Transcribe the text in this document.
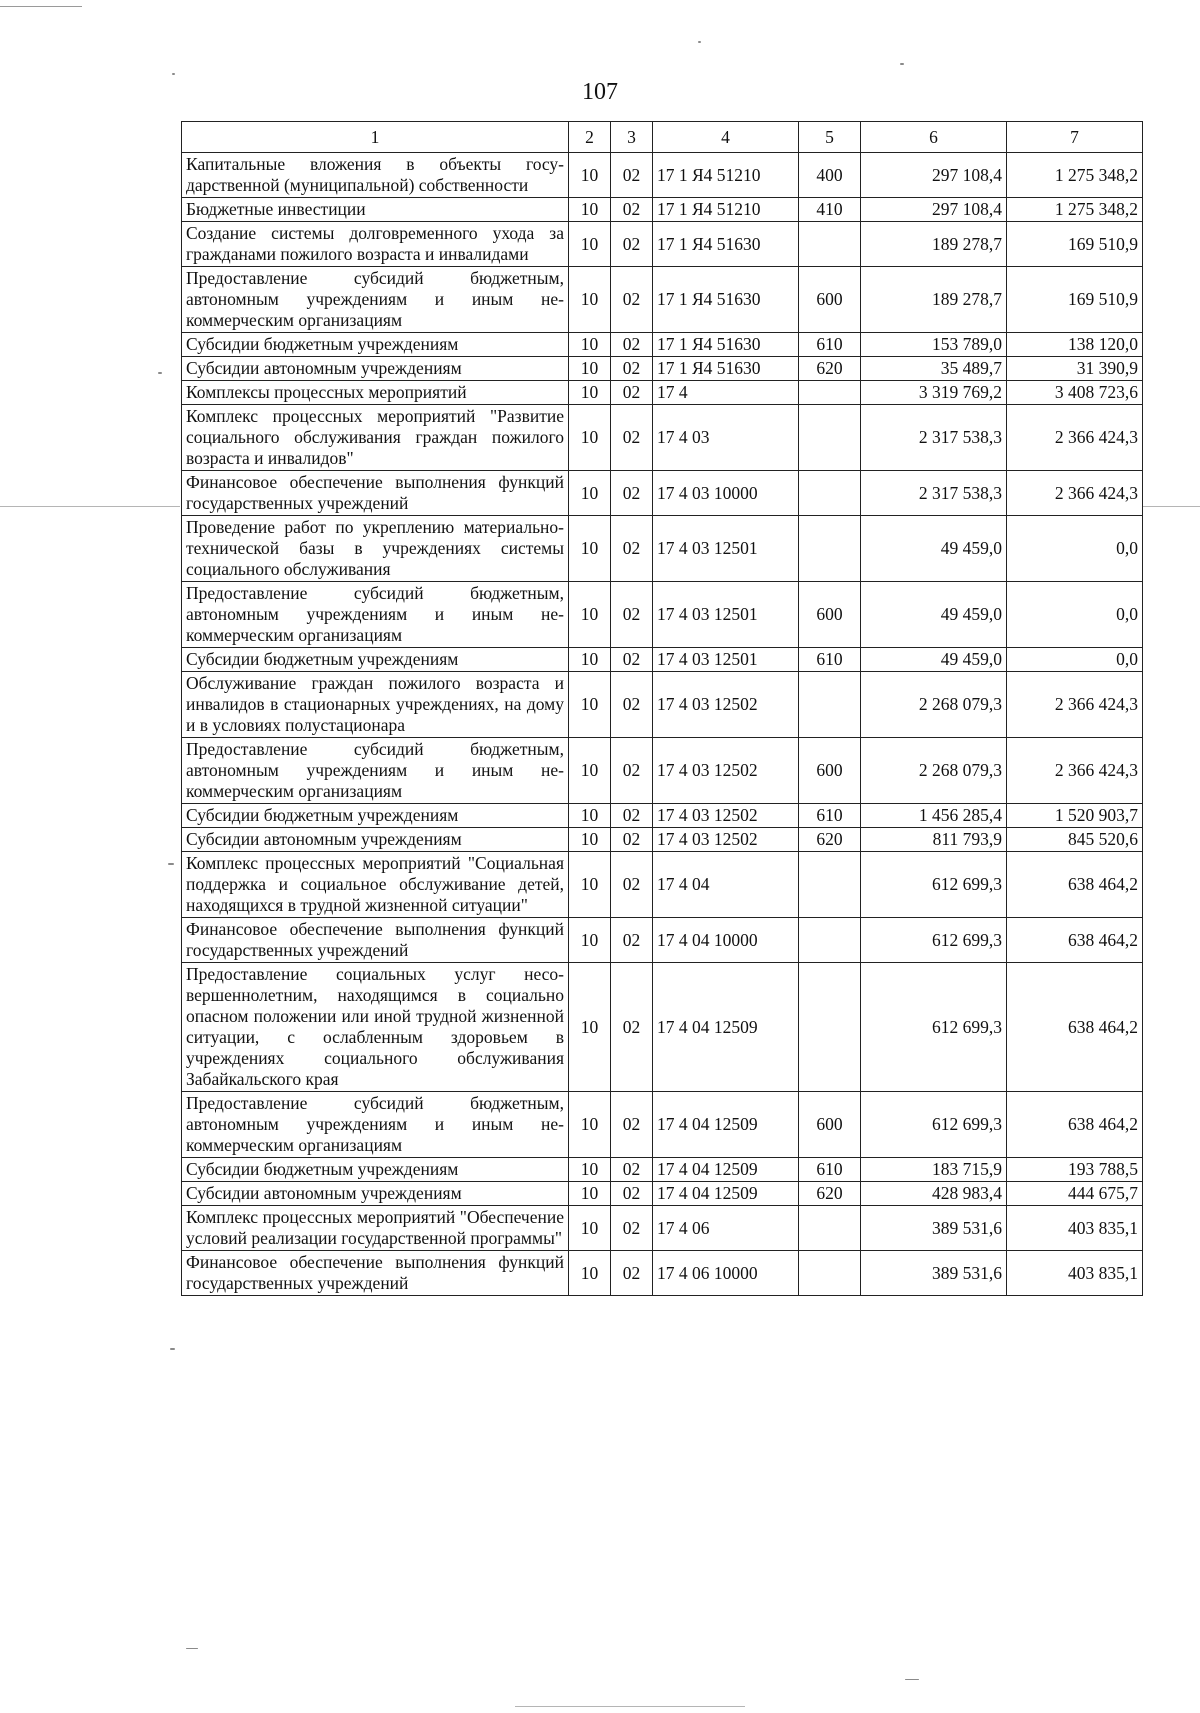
107
1	2	3	4	5	6	7
Капитальные вложения в объекты государственной (муниципальной) собственности	10	02	17 1 Я4 51210	400	297 108,4	1 275 348,2
Бюджетные инвестиции	10	02	17 1 Я4 51210	410	297 108,4	1 275 348,2
Создание системы долговременного ухода за гражданами пожилого возраста и инвалидами	10	02	17 1 Я4 51630		189 278,7	169 510,9
Предоставление субсидий бюджетным, автономным учреждениям и иным некоммерческим организациям	10	02	17 1 Я4 51630	600	189 278,7	169 510,9
Субсидии бюджетным учреждениям	10	02	17 1 Я4 51630	610	153 789,0	138 120,0
Субсидии автономным учреждениям	10	02	17 1 Я4 51630	620	35 489,7	31 390,9
Комплексы процессных мероприятий	10	02	17 4		3 319 769,2	3 408 723,6
Комплекс процессных мероприятий "Развитие социального обслуживания граждан пожилого возраста и инвалидов"	10	02	17 4 03		2 317 538,3	2 366 424,3
Финансовое обеспечение выполнения функций государственных учреждений	10	02	17 4 03 10000		2 317 538,3	2 366 424,3
Проведение работ по укреплению материально-технической базы в учреждениях системы социального обслуживания	10	02	17 4 03 12501		49 459,0	0,0
Предоставление субсидий бюджетным, автономным учреждениям и иным некоммерческим организациям	10	02	17 4 03 12501	600	49 459,0	0,0
Субсидии бюджетным учреждениям	10	02	17 4 03 12501	610	49 459,0	0,0
Обслуживание граждан пожилого возраста и инвалидов в стационарных учреждениях, на дому и в условиях полустационара	10	02	17 4 03 12502		2 268 079,3	2 366 424,3
Предоставление субсидий бюджетным, автономным учреждениям и иным некоммерческим организациям	10	02	17 4 03 12502	600	2 268 079,3	2 366 424,3
Субсидии бюджетным учреждениям	10	02	17 4 03 12502	610	1 456 285,4	1 520 903,7
Субсидии автономным учреждениям	10	02	17 4 03 12502	620	811 793,9	845 520,6
Комплекс процессных мероприятий "Социальная поддержка и социальное обслуживание детей, находящихся в трудной жизненной ситуации"	10	02	17 4 04		612 699,3	638 464,2
Финансовое обеспечение выполнения функций государственных учреждений	10	02	17 4 04 10000		612 699,3	638 464,2
Предоставление социальных услуг несовершеннолетним, находящимся в социально опасном положении или иной трудной жизненной ситуации, с ослабленным здоровьем в учреждениях социального обслуживания Забайкальского края	10	02	17 4 04 12509		612 699,3	638 464,2
Предоставление субсидий бюджетным, автономным учреждениям и иным некоммерческим организациям	10	02	17 4 04 12509	600	612 699,3	638 464,2
Субсидии бюджетным учреждениям	10	02	17 4 04 12509	610	183 715,9	193 788,5
Субсидии автономным учреждениям	10	02	17 4 04 12509	620	428 983,4	444 675,7
Комплекс процессных мероприятий "Обеспечение условий реализации государственной программы"	10	02	17 4 06		389 531,6	403 835,1
Финансовое обеспечение выполнения функций государственных учреждений	10	02	17 4 06 10000		389 531,6	403 835,1
